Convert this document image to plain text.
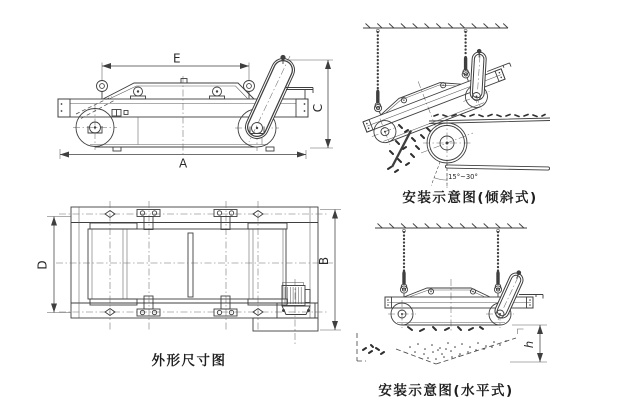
E
A
C
D	B
外形尺寸图
15°~30°
安装示意图(倾斜式)
h
安装示意图(水平式)
